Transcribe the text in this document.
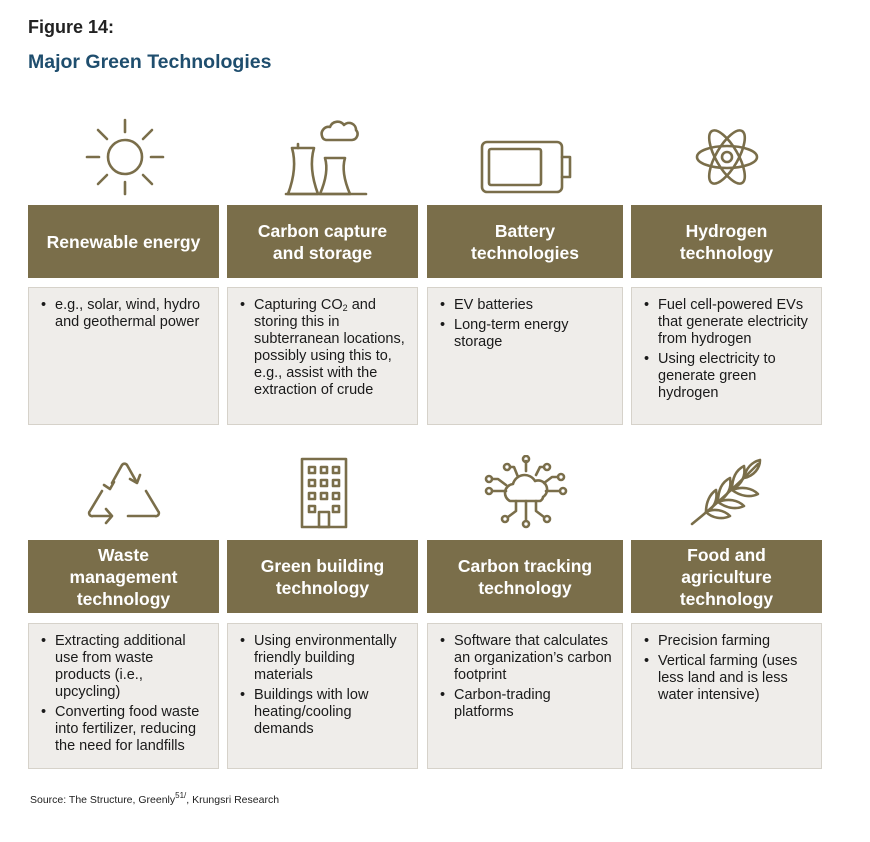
Figure 14:
Major Green Technologies
Renewable energy
• e.g., solar, wind, hydro and geothermal power
Carbon capture
and storage
• Capturing $CO_2$ and storing this in subterranean locations, possibly using this to, e.g., assist with the extraction of crude
Battery
technologies
• EV batteries
• Long-term energy storage
Hydrogen
technology
• Fuel cell-powered EVs that generate electricity from hydrogen
• Using electricity to generate green hydrogen
Waste
management
technology
• Extracting additional use from waste products (i.e., upcycling)
• Converting food waste into fertilizer, reducing the need for landfills
Green building
technology
• Using environmentally friendly building materials
• Buildings with low heating/cooling demands
Carbon tracking
technology
• Software that calculates an organization’s carbon footprint
• Carbon-trading platforms
Food and
agriculture
technology
• Precision farming
• Vertical farming (uses less land and is less water intensive)
Source: The Structure, Greenly$^{51/}$, Krungsri Research
